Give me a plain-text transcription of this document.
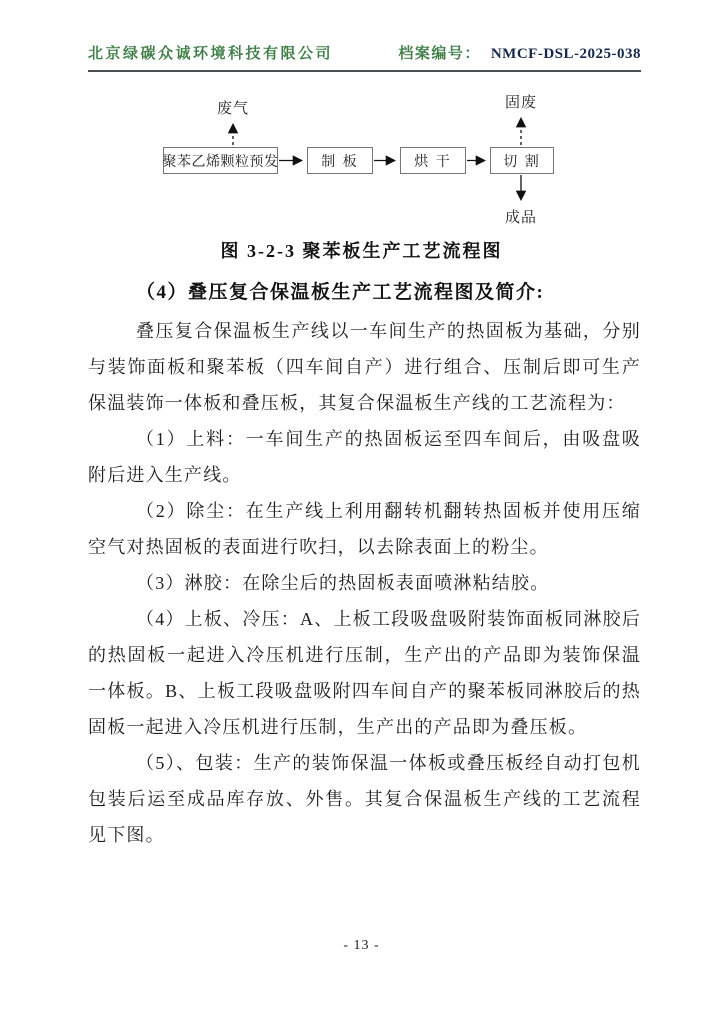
北京绿碳众诚环境科技有限公司	档案编号： NMCF-DSL-2025-038
废气	固废
成品
聚苯乙烯颗粒预发	制 板	烘 干	切 割
图 3-2-3 聚苯板生产工艺流程图
（4）叠压复合保温板生产工艺流程图及简介:

叠压复合保温板生产线以一车间生产的热固板为基础，分别与装饰面板和聚苯板（四车间自产）进行组合、压制后即可生产保温装饰一体板和叠压板，其复合保温板生产线的工艺流程为：

（1）上料：一车间生产的热固板运至四车间后，由吸盘吸附后进入生产线。

（2）除尘：在生产线上利用翻转机翻转热固板并使用压缩空气对热固板的表面进行吹扫，以去除表面上的粉尘。

（3）淋胶：在除尘后的热固板表面喷淋粘结胶。

（4）上板、冷压：A、上板工段吸盘吸附装饰面板同淋胶后的热固板一起进入冷压机进行压制，生产出的产品即为装饰保温一体板。B、上板工段吸盘吸附四车间自产的聚苯板同淋胶后的热固板一起进入冷压机进行压制，生产出的产品即为叠压板。

（5）、包装：生产的装饰保温一体板或叠压板经自动打包机包装后运至成品库存放、外售。其复合保温板生产线的工艺流程见下图。

- 13 -
